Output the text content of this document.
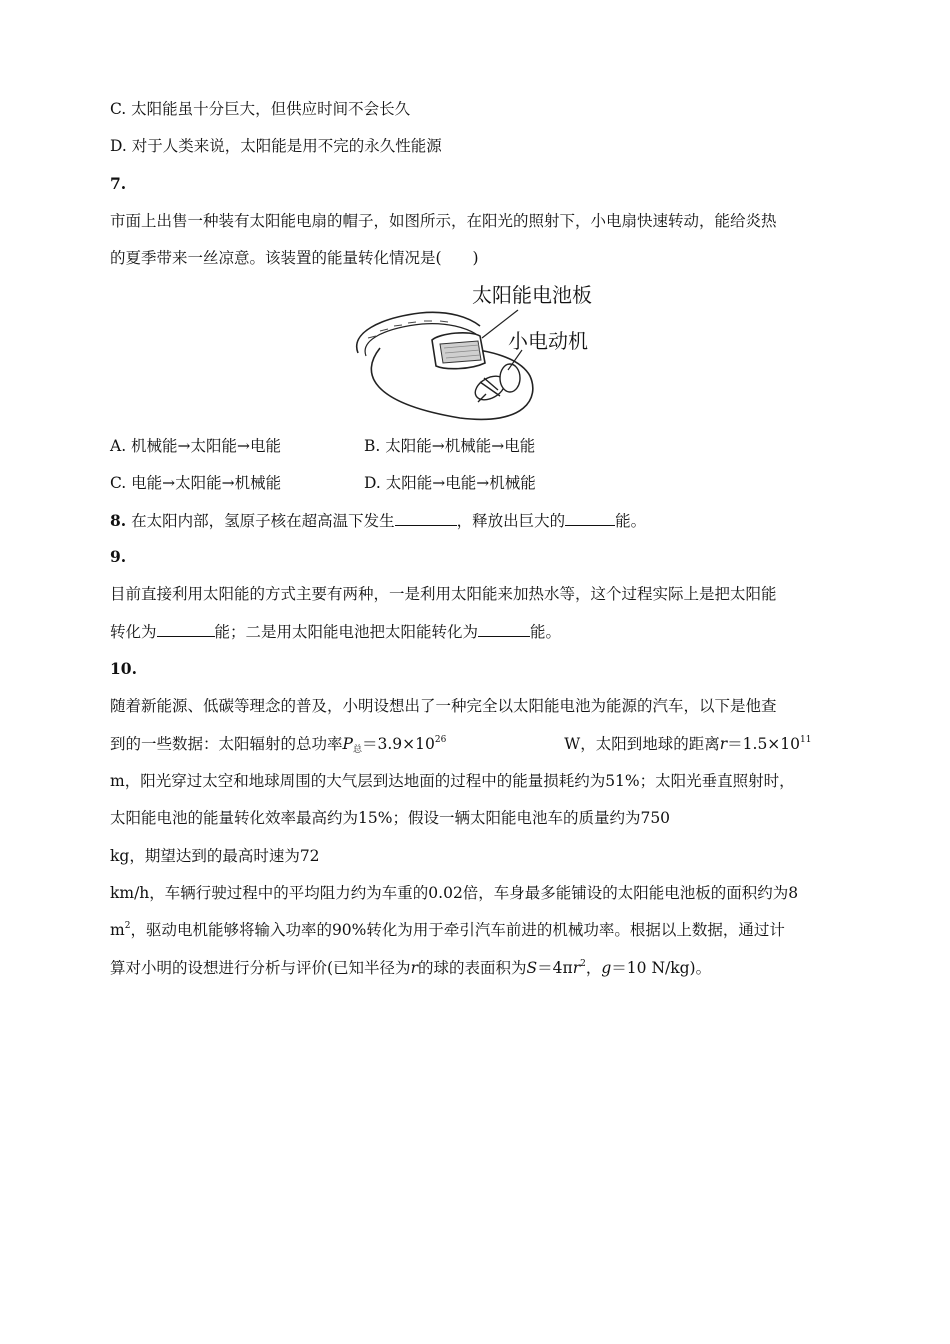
C. 太阳能虽十分巨大，但供应时间不会长久
D. 对于人类来说，太阳能是用不完的永久性能源
7.
市面上出售一种装有太阳能电扇的帽子，如图所示，在阳光的照射下，小电扇快速转动，能给炎热
的夏季带来一丝凉意。该装置的能量转化情况是(　　)
太阳能电池板
小电动机
A. 机械能→太阳能→电能	B. 太阳能→机械能→电能
C. 电能→太阳能→机械能	D. 太阳能→电能→机械能
8. 在太阳内部，氢原子核在超高温下发生	，释放出巨大的	能。
9.
目前直接利用太阳能的方式主要有两种，一是利用太阳能来加热水等，这个过程实际上是把太阳能
转化为	能；二是用太阳能电池把太阳能转化为	能。
10.
随着新能源、低碳等理念的普及，小明设想出了一种完全以太阳能电池为能源的汽车，以下是他查
到的一些数据：太阳辐射的总功率$P_总=3.9\times 10^{26}$	W，太阳到地球的距离$r=1.5\times 10^{11}$
m，阳光穿过太空和地球周围的大气层到达地面的过程中的能量损耗约为51%；太阳光垂直照射时，
太阳能电池的能量转化效率最高约为15%；假设一辆太阳能电池车的质量约为750
kg，期望达到的最高时速为72
km/h，车辆行驶过程中的平均阻力约为车重的0.02倍，车身最多能铺设的太阳能电池板的面积约为8
$m^2$，驱动电机能够将输入功率的90%转化为用于牵引汽车前进的机械功率。根据以上数据，通过计
算对小明的设想进行分析与评价(已知半径为r的球的表面积为$S=4\pi r^2$，g＝10 N/kg)。
